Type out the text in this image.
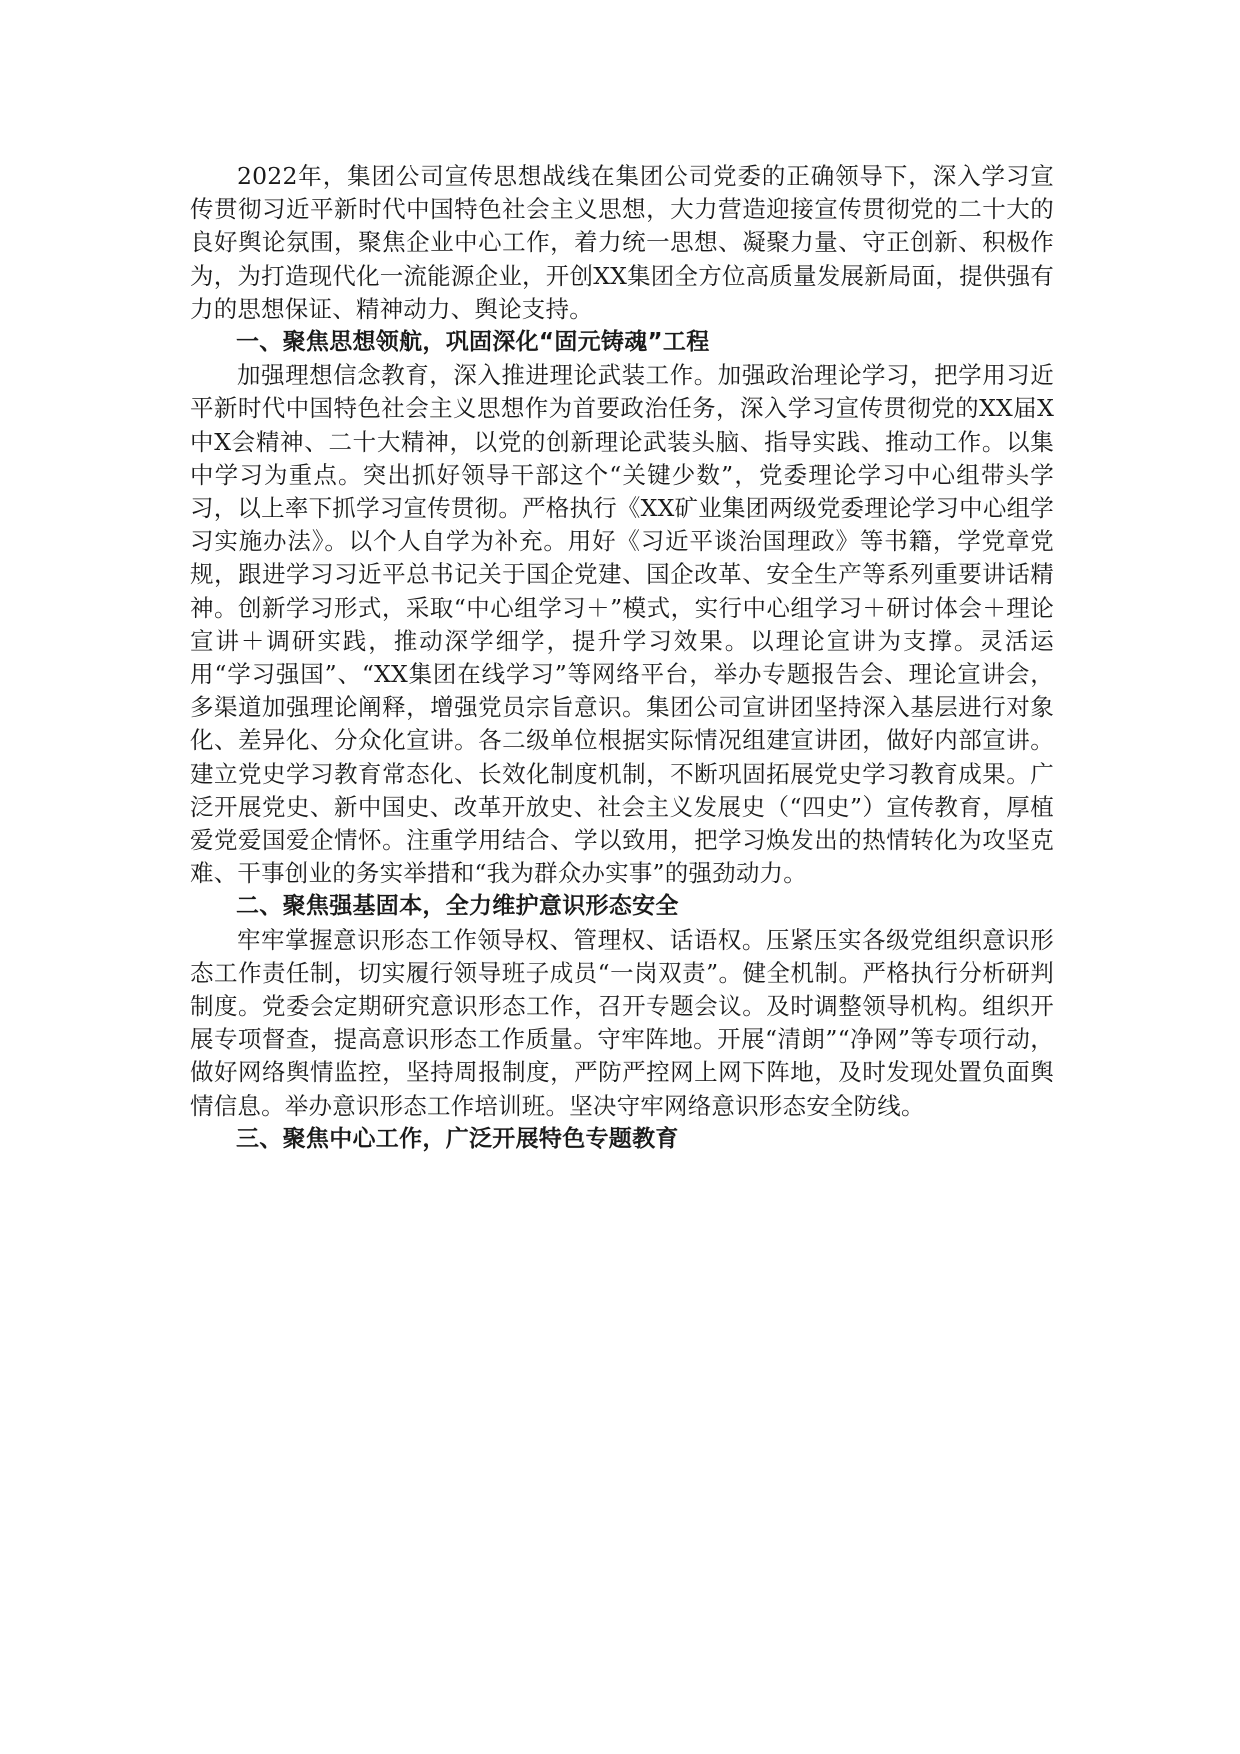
2022年，集团公司宣传思想战线在集团公司党委的正确领导下，深入学习宣传贯彻习近平新时代中国特色社会主义思想，大力营造迎接宣传贯彻党的二十大的良好舆论氛围，聚焦企业中心工作，着力统一思想、凝聚力量、守正创新、积极作为，为打造现代化一流能源企业，开创XX集团全方位高质量发展新局面，提供强有力的思想保证、精神动力、舆论支持。

一、聚焦思想领航，巩固深化“固元铸魂”工程

加强理想信念教育，深入推进理论武装工作。加强政治理论学习，把学用习近平新时代中国特色社会主义思想作为首要政治任务，深入学习宣传贯彻党的XX届X中X会精神、二十大精神，以党的创新理论武装头脑、指导实践、推动工作。以集中学习为重点。突出抓好领导干部这个“关键少数”，党委理论学习中心组带头学习，以上率下抓学习宣传贯彻。严格执行《XX矿业集团两级党委理论学习中心组学习实施办法》。以个人自学为补充。用好《习近平谈治国理政》等书籍，学党章党规，跟进学习习近平总书记关于国企党建、国企改革、安全生产等系列重要讲话精神。创新学习形式，采取“中心组学习＋”模式，实行中心组学习＋研讨体会＋理论宣讲＋调研实践，推动深学细学，提升学习效果。以理论宣讲为支撑。灵活运用“学习强国”、“XX集团在线学习”等网络平台，举办专题报告会、理论宣讲会，多渠道加强理论阐释，增强党员宗旨意识。集团公司宣讲团坚持深入基层进行对象化、差异化、分众化宣讲。各二级单位根据实际情况组建宣讲团，做好内部宣讲。建立党史学习教育常态化、长效化制度机制，不断巩固拓展党史学习教育成果。广泛开展党史、新中国史、改革开放史、社会主义发展史（“四史”）宣传教育，厚植爱党爱国爱企情怀。注重学用结合、学以致用，把学习焕发出的热情转化为攻坚克难、干事创业的务实举措和“我为群众办实事”的强劲动力。

二、聚焦强基固本，全力维护意识形态安全

牢牢掌握意识形态工作领导权、管理权、话语权。压紧压实各级党组织意识形态工作责任制，切实履行领导班子成员“一岗双责”。健全机制。严格执行分析研判制度。党委会定期研究意识形态工作，召开专题会议。及时调整领导机构。组织开展专项督查，提高意识形态工作质量。守牢阵地。开展“清朗”“净网”等专项行动，做好网络舆情监控，坚持周报制度，严防严控网上网下阵地，及时发现处置负面舆情信息。举办意识形态工作培训班。坚决守牢网络意识形态安全防线。

三、聚焦中心工作，广泛开展特色专题教育
